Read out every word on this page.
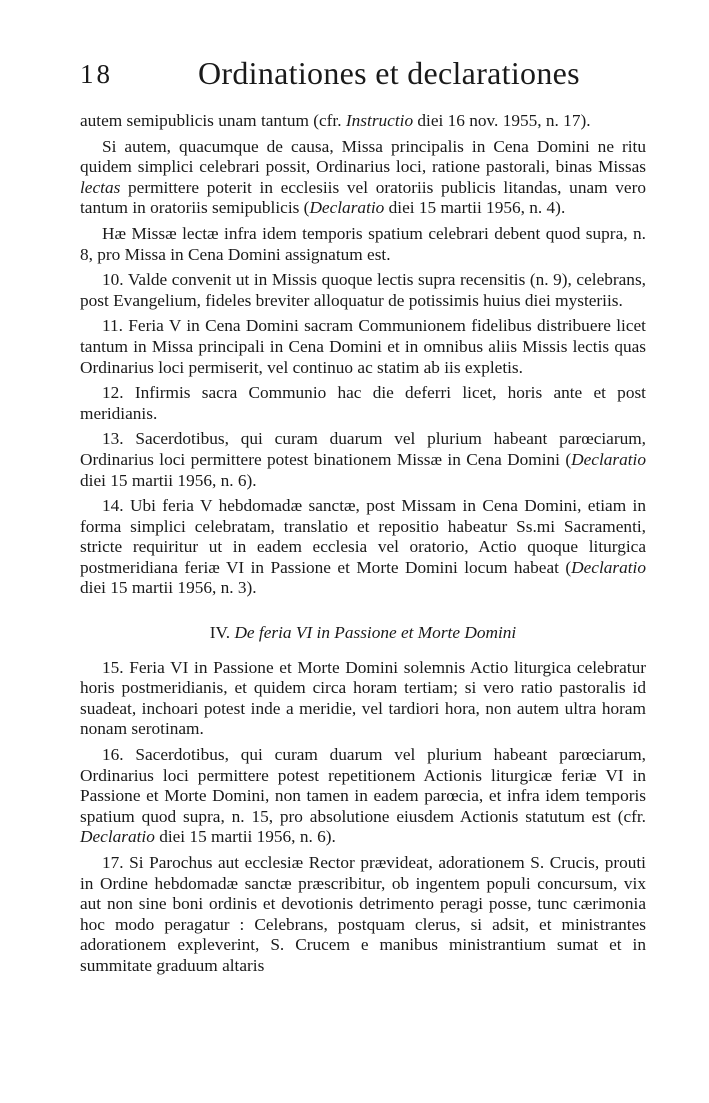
18	Ordinationes et declarationes

autem semipublicis unam tantum (cfr. Instructio diei 16 nov. 1955, n. 17).

Si autem, quacumque de causa, Missa principalis in Cena Domini ne ritu quidem simplici celebrari possit, Ordinarius loci, ratione pastorali, binas Missas lectas permittere poterit in ecclesiis vel oratoriis publicis litandas, unam vero tantum in oratoriis semipublicis (Declaratio diei 15 martii 1956, n. 4).

Hæ Missæ lectæ infra idem temporis spatium celebrari debent quod supra, n. 8, pro Missa in Cena Domini assignatum est.

10. Valde convenit ut in Missis quoque lectis supra recensitis (n. 9), celebrans, post Evangelium, fideles breviter alloquatur de potissimis huius diei mysteriis.

11. Feria V in Cena Domini sacram Communionem fidelibus distribuere licet tantum in Missa principali in Cena Domini et in omnibus aliis Missis lectis quas Ordinarius loci permiserit, vel continuo ac statim ab iis expletis.

12. Infirmis sacra Communio hac die deferri licet, horis ante et post meridianis.

13. Sacerdotibus, qui curam duarum vel plurium habeant parœciarum, Ordinarius loci permittere potest binationem Missæ in Cena Domini (Declaratio diei 15 martii 1956, n. 6).

14. Ubi feria V hebdomadæ sanctæ, post Missam in Cena Domini, etiam in forma simplici celebratam, translatio et repositio habeatur Ss.mi Sacramenti, stricte requiritur ut in eadem ecclesia vel oratorio, Actio quoque liturgica postmeridiana feriæ VI in Passione et Morte Domini locum habeat (Declaratio diei 15 martii 1956, n. 3).

IV. De feria VI in Passione et Morte Domini

15. Feria VI in Passione et Morte Domini solemnis Actio liturgica celebratur horis postmeridianis, et quidem circa horam tertiam; si vero ratio pastoralis id suadeat, inchoari potest inde a meridie, vel tardiori hora, non autem ultra horam nonam serotinam.

16. Sacerdotibus, qui curam duarum vel plurium habeant parœciarum, Ordinarius loci permittere potest repetitionem Actionis liturgicæ feriæ VI in Passione et Morte Domini, non tamen in eadem parœcia, et infra idem temporis spatium quod supra, n. 15, pro absolutione eiusdem Actionis statutum est (cfr. Declaratio diei 15 martii 1956, n. 6).

17. Si Parochus aut ecclesiæ Rector prævideat, adorationem S. Crucis, prouti in Ordine hebdomadæ sanctæ præscribitur, ob ingentem populi concursum, vix aut non sine boni ordinis et devotionis detrimento peragi posse, tunc cærimonia hoc modo peragatur : Celebrans, postquam clerus, si adsit, et ministrantes adorationem expleverint, S. Crucem e manibus ministrantium sumat et in summitate graduum altaris
